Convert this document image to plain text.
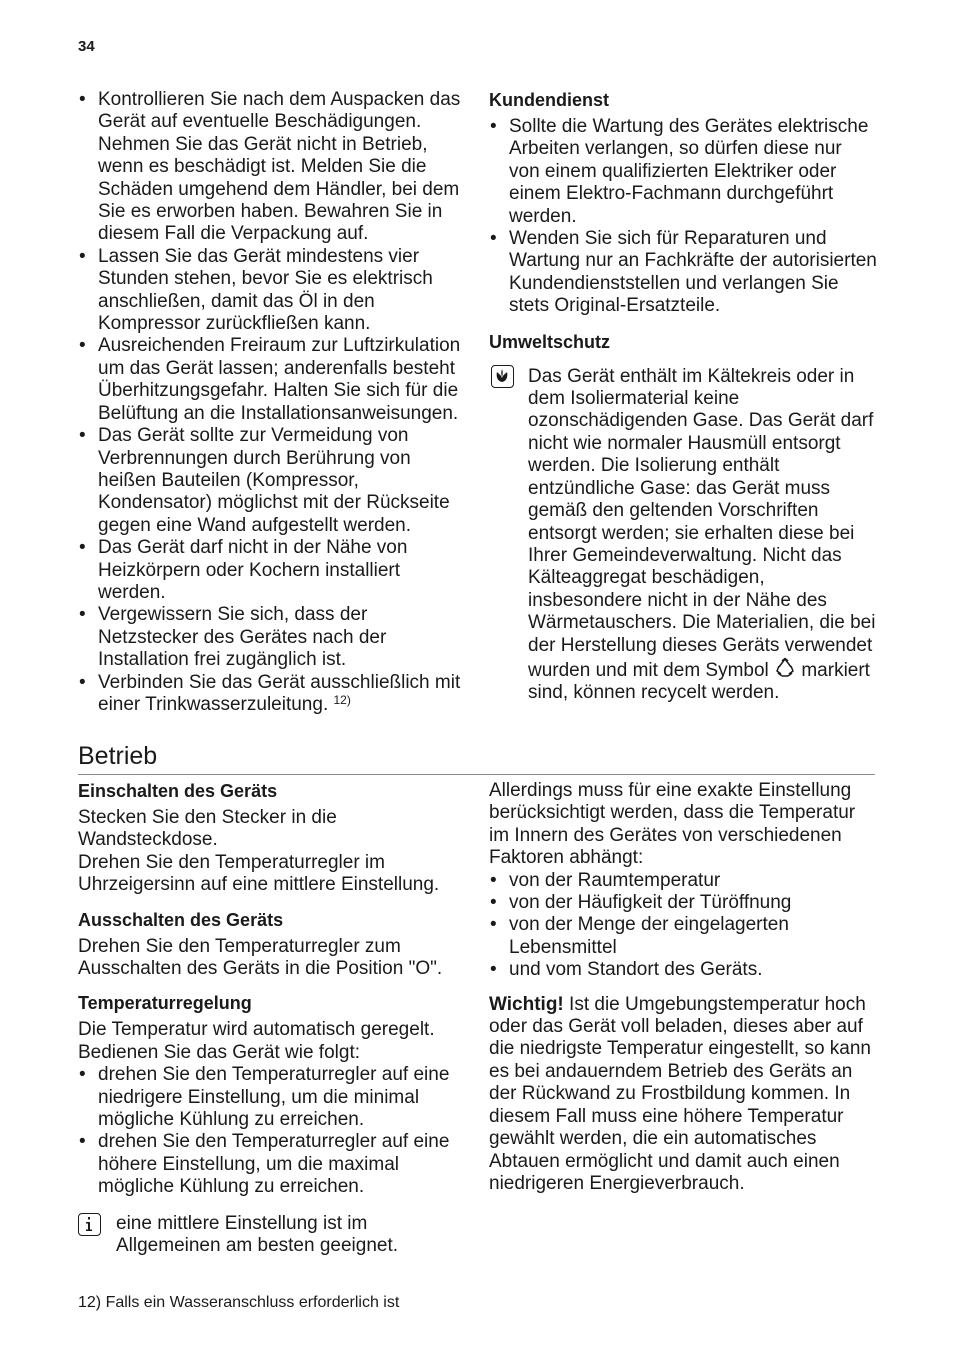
34
• Kontrollieren Sie nach dem Auspacken das Gerät auf eventuelle Beschädigungen. Nehmen Sie das Gerät nicht in Betrieb, wenn es beschädigt ist. Melden Sie die Schäden umgehend dem Händler, bei dem Sie es erworben haben. Bewahren Sie in diesem Fall die Verpackung auf.
• Lassen Sie das Gerät mindestens vier Stunden stehen, bevor Sie es elektrisch anschließen, damit das Öl in den Kompressor zurückfließen kann.
• Ausreichenden Freiraum zur Luftzirkulation um das Gerät lassen; anderenfalls besteht Überhitzungsgefahr. Halten Sie sich für die Belüftung an die Installationsanweisungen.
• Das Gerät sollte zur Vermeidung von Verbrennungen durch Berührung von heißen Bauteilen (Kompressor, Kondensator) möglichst mit der Rückseite gegen eine Wand aufgestellt werden.
• Das Gerät darf nicht in der Nähe von Heizkörpern oder Kochern installiert werden.
• Vergewissern Sie sich, dass der Netzstecker des Gerätes nach der Installation frei zugänglich ist.
• Verbinden Sie das Gerät ausschließlich mit einer Trinkwasserzuleitung. $^{12)}$
Kundendienst
• Sollte die Wartung des Gerätes elektrische Arbeiten verlangen, so dürfen diese nur von einem qualifizierten Elektriker oder einem Elektro-Fachmann durchgeführt werden.
• Wenden Sie sich für Reparaturen und Wartung nur an Fachkräfte der autorisierten Kundendienststellen und verlangen Sie stets Original-Ersatzteile.
Umweltschutz
Das Gerät enthält im Kältekreis oder in dem Isoliermaterial keine ozonschädigenden Gase. Das Gerät darf nicht wie normaler Hausmüll entsorgt werden. Die Isolierung enthält entzündliche Gase: das Gerät muss gemäß den geltenden Vorschriften entsorgt werden; sie erhalten diese bei Ihrer Gemeindeverwaltung. Nicht das Kälteaggregat beschädigen, insbesondere nicht in der Nähe des Wärmetauschers. Die Materialien, die bei der Herstellung dieses Geräts verwendet wurden und mit dem Symbol markiert sind, können recycelt werden.
Betrieb
Einschalten des Geräts

Stecken Sie den Stecker in die Wandsteckdose.

Drehen Sie den Temperaturregler im Uhrzeigersinn auf eine mittlere Einstellung.

Ausschalten des Geräts

Drehen Sie den Temperaturregler zum Ausschalten des Geräts in die Position "O".

Temperaturregelung

Die Temperatur wird automatisch geregelt.

Bedienen Sie das Gerät wie folgt:

• drehen Sie den Temperaturregler auf eine niedrigere Einstellung, um die minimal mögliche Kühlung zu erreichen.
• drehen Sie den Temperaturregler auf eine höhere Einstellung, um die maximal mögliche Kühlung zu erreichen.
eine mittlere Einstellung ist im Allgemeinen am besten geeignet.

Allerdings muss für eine exakte Einstellung berücksichtigt werden, dass die Temperatur im Innern des Gerätes von verschiedenen Faktoren abhängt:

• von der Raumtemperatur
• von der Häufigkeit der Türöffnung
• von der Menge der eingelagerten Lebensmittel
• und vom Standort des Geräts.

Wichtig! Ist die Umgebungstemperatur hoch oder das Gerät voll beladen, dieses aber auf die niedrigste Temperatur eingestellt, so kann es bei andauerndem Betrieb des Geräts an der Rückwand zu Frostbildung kommen. In diesem Fall muss eine höhere Temperatur gewählt werden, die ein automatisches Abtauen ermöglicht und damit auch einen niedrigeren Energieverbrauch.

12) Falls ein Wasseranschluss erforderlich ist
